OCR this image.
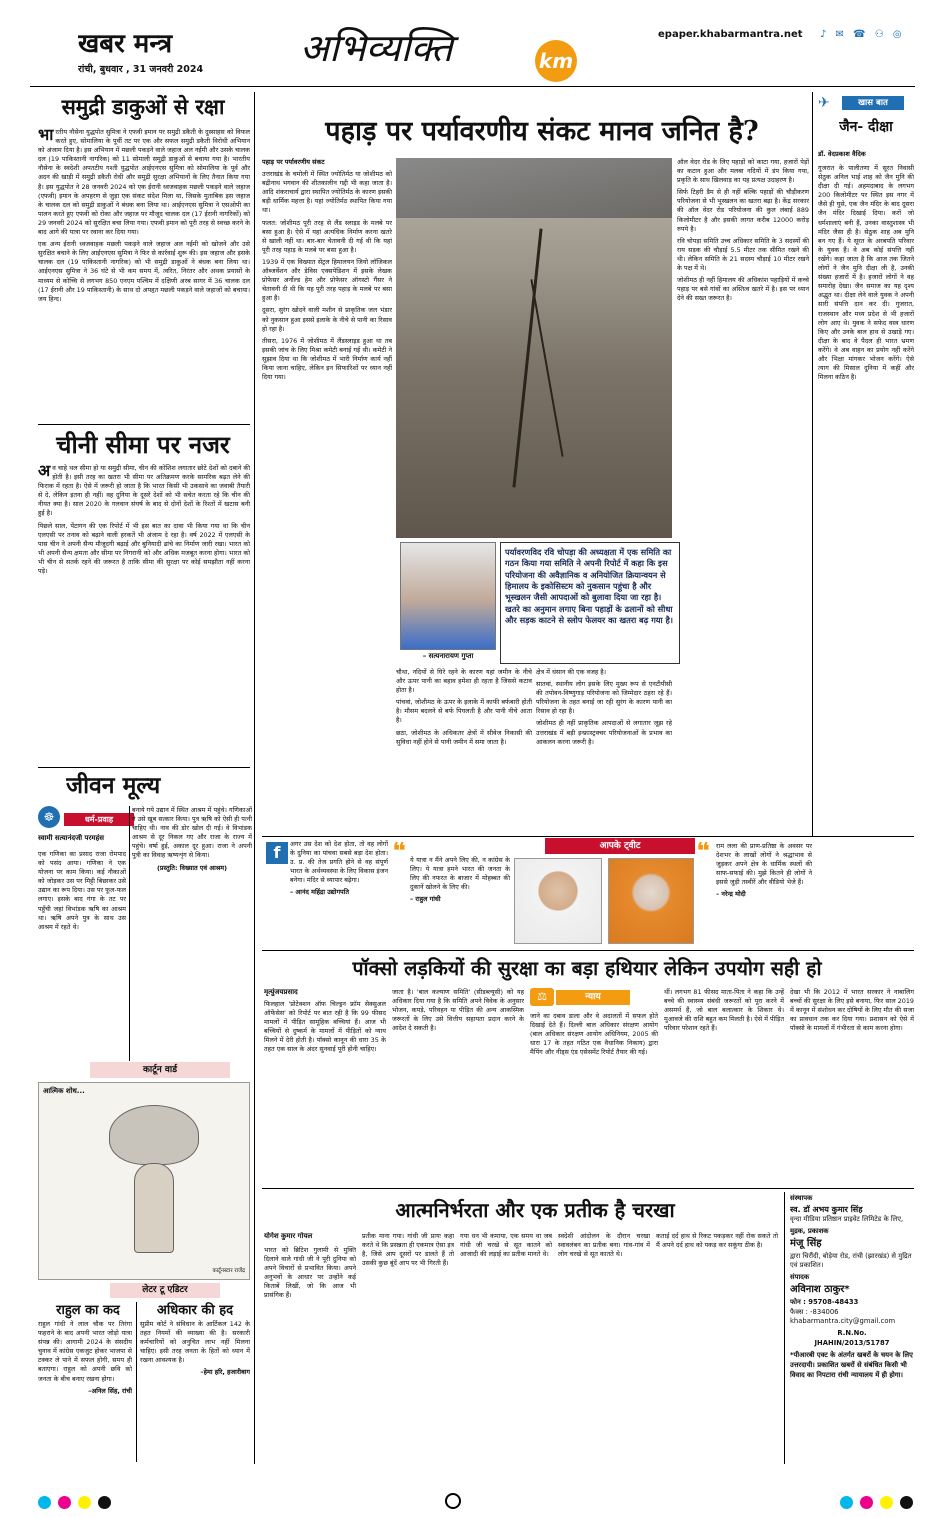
खबर मन्त्र
रांची, बुधवार , 31 जनवरी 2024	अभिव्यक्ति	km
epaper.khabarmantra.net	♪ ✉ ☎ ⚇ ◎
समुद्री डाकुओं से रक्षा

भारतीय नौसेना युद्धपोत सुमित्रा ने एफवी इमान पर समुद्री डकैती के दुस्साहस को विफल करते हुए, सोमालिया के पूर्वी तट पर एक और सफल समुद्री डकैती विरोधी अभियान को अंजाम दिया है। इस अभियान में मछली पकड़ने वाले जहाज अल नईमी और उसके चालक दल (19 पाकिस्तानी नागरिक) को 11 सोमाली समुद्री डाकुओं से बचाया गया है। भारतीय नौसेना के स्वदेशी अपतटीय गश्ती युद्धपोत आईएनएस सुमित्रा को सोमालिया के पूर्व और अदन की खाड़ी में समुद्री डकैती रोधी और समुद्री सुरक्षा अभियानों के लिए तैनात किया गया है। इस युद्धपोत ने 28 जनवरी 2024 को एक ईरानी ध्वजवाहक मछली पकड़ने वाले जहाज (एफवी) इमान के अपहरण से जुड़ा एक संकट संदेश मिला था, जिसके मुताबिक इस जहाज के चालक दल को समुद्री डाकुओं ने बंधक बना लिया था। आईएनएस सुमित्रा ने एसओपी का पालन करते हुए एफवी को रोका और जहाज पर मौजूद चालक दल (17 ईरानी नागरिकों) को 29 जनवरी 2024 को सुरक्षित बचा लिया गया। एफवी इमान को पूरी तरह से स्वच्छ करने के बाद आगे की यात्रा पर रवाना कर दिया गया।

एक अन्य ईरानी ध्वजवाहक मछली पकड़ने वाले जहाज अल नईमी को खोजने और उसे सुरक्षित बचाने के लिए आईएनएस सुमित्रा ने फिर से कार्रवाई शुरू की। इस जहाज और इसके चालक दल (19 पाकिस्तानी नागरिक) को भी समुद्री डाकुओं ने बंधक बना लिया था। आईएनएस सुमित्रा ने 36 घंटे से भी कम समय में, त्वरित, निरंतर और अथक प्रयासों के माध्यम से कोच्चि से लगभग 850 एनएम पश्चिम में दक्षिणी अरब सागर में 36 चालक दल (17 ईरानी और 19 पाकिस्तानी) के साथ दो अपहृत मछली पकड़ने वाले जहाजों को बचाया। जय हिन्द।

चीनी सीमा पर नजर

अव चाहे थल सीमा हो या समुद्री सीमा, चीन की कोशिश लगातार छोटे देशों को दबाने की होती है। इसी तरह का खतरा भी सीमा पर अतिक्रमण करके सामरिक बढ़त लेने की फिराक में रहता है। ऐसे में जरूरी हो जाता है कि भारत किसी भी उकसावे का जवाबी तैयारी से दे, लेकिन इतना ही नहीं। वह दुनिया के दूसरे देशों को भी सचेत करता रहे कि चीन की नीयत क्या है। साल 2020 के गलवान संघर्ष के बाद से दोनों देशों के रिश्तों में खटास बनी हुई है।

पिछले साल, पेंटागन की एक रिपोर्ट में भी इस बात का दावा भी किया गया था कि चीन एलएसी पर तनाव को बढ़ाने वाली हरकतें भी अंजाम दे रहा है। वर्ष 2022 में एलएसी के पास चीन ने अपनी सैन्य मौजूदगी बढ़ाई और बुनियादी ढांचे का निर्माण जारी रखा। भारत को भी अपनी सैन्य क्षमता और सीमा पर निगरानी को और अधिक मजबूत करना होगा। भारत को भी चीन से सतर्क रहने की जरूरत है ताकि सीमा की सुरक्षा पर कोई समझौता नहीं करना पड़े।

जीवन मूल्य
☸	धर्म-प्रवाह
स्वामी सत्यानंदजी परमहंस

एक गणिका का प्रसाद राजा रोमपाद को पसंद आया। गणिका ने एक योजना पर काम किया। कई नौकाओं को जोड़कर उस पर मिट्टी बिछाकर उसे उद्यान का रूप दिया। उस पर फूल-फल लगाए। इसके बाद गंगा के तट पर पहुँची जहां विभांडक ऋषि का आश्रम था। ऋषि अपने पुत्र के साथ उस आश्रम में रहते थे।

बनाये गये उद्यान में स्थित आश्रम में पहुंचे। गणिकाओं ने उसे खूब सत्कार किया। पुत्र ऋषि को ऐसी ही पत्नी चाहिए थी। नाव की डोर खोल दी गई। वे विभांडक आश्रम से दूर निकल गए और राजा के राज्य में पहुंचे। वर्षा हुई, अकाल दूर हुआ। राजा ने अपनी पुत्री का विवाह ऋष्यशृंग से किया।

(प्रस्तुति: विख्यात एवं आश्रम)

कार्टून वार्ड
आत्मिक शोध...
कार्टूनस्टार राजेंद्र
लेटर टू एडिटर
राहुल का कद

राहुल गांधी ने लाल चौक पर तिरंगा फहराने के बाद अपनी भारत जोड़ो यात्रा संपन्न की। आगामी 2024 के संसदीय चुनाव में कांग्रेस एकजुट होकर भाजपा से टक्कर ले पाने में सफल होगी, समय ही बताएगा। राहुल को अपनी छवि को जनता के बीच बनाए रखना होगा।

–अनिल सिंह, रांची

अधिकार की हद

सुप्रीम कोर्ट ने संविधान के आर्टिकल 142 के तहत नियमों की व्याख्या की है। सरकारी कर्मचारियों को अनुचित लाभ नहीं मिलना चाहिए। इसी तरह जनता के हितों को ध्यान में रखना आवश्यक है।

–हेमा हरि, हजारीबाग

पहाड़ पर पर्यावरणीय संकट मानव जनित है?

पहाड़ पर पर्यावरणीय संकट

उत्तराखंड के चमोली में स्थित ज्योतिर्मठ या जोशीमठ को बद्रीनाथ भगवान की शीतकालीन गद्दी भी कहा जाता है। आदि शंकराचार्य द्वारा स्थापित ज्योतिर्मठ के कारण इसकी बड़ी धार्मिक महत्ता है। यहां ज्योतिर्मठ स्थापित किया गया था।

फलत: जोशीमठ पूरी तरह से लैंड स्लाइड के मलबे पर बसा हुआ है। ऐसे में यहां अत्यधिक निर्माण करना खतरे से खाली नहीं था। बार-बार चेतावनी दी गई थी कि यहां पूरी तरह पहाड़ के मलबे पर बसा हुआ है।

1939 में एक विख्यात सेंट्रल हिमालयन जियो लॉजिकल ऑब्जर्वेशन और डेविस एक्सपेडिशन में इसके लेखक प्रोफेसर अर्नोल्ड हेम और प्रोफेसर ऑगस्टो गैंसर ने चेतावनी दी थी कि यह पूरी तरह पहाड़ के मलबे पर बसा हुआ है।

दूसरा, सुरंग खोदने वाली मशीन से प्राकृतिक जल भंडार को नुकसान हुआ इससे इलाके के नीचे से पानी का रिसाव हो रहा है।

तीसरा, 1976 में जोशीमठ में लैंडस्लाइड हुआ था तब इसकी जांच के लिए मिश्रा कमेटी बनाई गई थी। कमेटी ने सुझाव दिया था कि जोशीमठ में भारी निर्माण कार्य नहीं किया जाना चाहिए, लेकिन इन सिफारिशों पर ध्यान नहीं दिया गया।

– सत्यनारायण गुप्ता
पर्यावरणविद रवि चोपड़ा की अध्यक्षता में एक समिति का गठन किया गया समिति ने अपनी रिपोर्ट में कहा कि इस परियोजना की अवैज्ञानिक व अनियोजित क्रियान्वयन से हिमालय के इकोसिस्टम को नुकसान पहुंचा है और भूस्खलन जैसी आपदाओं को बुलावा दिया जा रहा है। खतरे का अनुमान लगाए बिना पहाड़ों के ढलानों को सीधा और सड़क काटने से स्लोप फेलयर का खतरा बढ़ गया है।

चौथा, नदियों से घिरे रहने के कारण यहां जमीन के नीचे और ऊपर पानी का बहाव हमेशा ही रहता है जिससे कटाव होता है।

पांचवां, जोशीमठ के ऊपर के इलाके में काफी बर्फबारी होती है। मौसम बदलने से बर्फ पिघलती है और पानी नीचे आता है।

छठा, जोशीमठ के अधिकतर क्षेत्रों में सीवेज निकासी की सुविधा नहीं होने से पानी जमीन में समा जाता है।

क्षेत्र में धंसान की एक वजह है।

सातवां, स्थानीय लोग इसके लिए मुख्य रूप से एनटीपीसी की तपोवन-विष्णुगाड़ परियोजना को जिम्मेदार ठहरा रहे हैं। परियोजना के तहत बनाई जा रही सुरंग के कारण पानी का रिसाव हो रहा है।

जोशीमठ ही नहीं प्राकृतिक आपदाओं से लगातार जूझ रहे उत्तराखंड में बड़ी इन्फ्रास्ट्रक्चर परियोजनाओं के प्रभाव का आकलन करना जरूरी है।

ऑल वेदर रोड के लिए पहाड़ों को काटा गया, हजारों पेड़ों का कटान हुआ और मलबा नदियों में डंप किया गया, प्रकृति के साथ खिलवाड़ का यह प्रत्यक्ष उदाहरण है।

सिर्फ टिहरी डैम से ही नहीं बल्कि पहाड़ों की चौड़ीकरण परियोजना से भी भूस्खलन का खतरा बढ़ा है। केंद्र सरकार की ऑल वेदर रोड परियोजना की कुल लंबाई 889 किलोमीटर है और इसकी लागत करीब 12000 करोड़ रुपये है।

रवि चोपड़ा समिति उच्च अधिकार समिति के 3 सदस्यों की राय सड़क की चौड़ाई 5.5 मीटर तक सीमित रखने की थी। लेकिन समिति के 21 सदस्य चौड़ाई 10 मीटर रखने के पक्ष में थे।

जोशीमठ ही नहीं हिमालय की अधिकांश पहाड़ियों में कच्चे पहाड़ पर बसे गांवों का अस्तित्व खतरे में है। इस पर ध्यान देने की सख्त जरूरत है।

✈	खास बात
जैन- दीक्षा
डॉ. वेदप्रकाश वैदिक

गुजरात के पालीतणा में सूरत निवासी सेठुक अनिल भाई शाह को जैन मुनि की दीक्षा दी गई। अहमदाबाद के लगभग 200 किलोमीटर पर स्थित इस नगर में जैसे ही घुसे, एक जैन मंदिर के बाद दूसरा जैन मंदिर दिखाई दिया। करों जो धर्मशालाएं बनी हैं, उनका वास्तुशास्त्र भी मंदिर जैसा ही है। सेठुक शाह अब मुनि बन गए हैं। ये सूरत के अरबपति परिवार के युवक हैं। वे अब कोई संपत्ति नहीं रखेंगे। कहा जाता है कि आज तक जितने लोगों ने जैन मुनि दीक्षा ली है, उनकी संख्या हजारों में है। हजारों लोगों ने वह समारोह देखा। जैन समाज का यह दृश्य अद्भुत था। दीक्षा लेने वाले युवक ने अपनी सारी संपत्ति दान कर दी। गुजरात, राजस्थान और मध्य प्रदेश से भी हजारों लोग आए थे। युवक ने सफेद वस्त्र धारण किए और उनके बाल हाथ से उखाड़े गए। दीक्षा के बाद वे पैदल ही भारत भ्रमण करेंगे। वे अब वाहन का प्रयोग नहीं करेंगे और भिक्षा मांगकर भोजन करेंगे। ऐसे त्याग की मिसाल दुनिया में कहीं और मिलना कठिन है।

आपके ट्वीट
f	अगर उस देश को देश होता, तो वह लोगों के दुनिया का पांचवा सबसे बड़ा देश होता। उ. प्र. की तेज प्रगति होने से वह संपूर्ण भारत के अर्थव्यवस्था के लिए विकास इंजन बनेगा। मंदिर से व्यापार बढ़ेगा।

– आनंद महिंद्रा उद्योगपति

❝ ये यात्रा न मैंने अपने लिए की, न कांग्रेस के लिए। ये यात्रा हमने भारत की जनता के लिए की नफरत के बाजार में मोहब्बत की दुकानें खोलने के लिए की।

– राहुल गांधी

❝ राम लला की प्राण-प्रतिष्ठा के अवसर पर देशभर के लाखों लोगों ने श्रद्धाभाव से जुड़कर अपने क्षेत्र के धार्मिक स्थलों की साफ-सफाई की। मुझे कितने ही लोगों ने इससे जुड़ी तस्वीरें और वीडियो भेजे हैं।

– नरेन्द्र मोदी

पॉक्सो लड़कियों की सुरक्षा का बड़ा हथियार लेकिन उपयोग सही हो
मृत्युंजयप्रसाद

फिलहाल 'प्रोटेक्शन ऑफ चिल्ड्रन फ्रॉम सेक्सुअल ऑफेंसेस' को रिपोर्ट पर बात रही है कि 99 फीसद मामलों में पीड़ित सामूहिक बच्चियां हैं। आज भी बच्चियों से दुष्कर्म के मामलों में पीड़ितों को न्याय मिलने में देरी होती है। पॉक्सो कानून की धारा 35 के तहत एक साल के अंदर सुनवाई पूरी होनी चाहिए।

जाता है। 'बाल कल्याण समिति' (सीडब्ल्यूसी) को यह अधिकार दिया गया है कि समिति अपने विवेक के अनुसार भोजन, कपड़े, परिवहन या पीड़ित की अन्य आकस्मिक जरूरतों के लिए उसे वित्तीय सहायता प्रदान करने के आदेश दे सकती है।

⚖	न्याय

जाने का दबाव डाला और वे अदालतों में सफल होते दिखाई देते हैं। दिल्ली बाल अधिकार संरक्षण आयोग (बाल अधिकार संरक्षण आयोग अधिनियम, 2005 की धारा 17 के तहत गठित एक वैधानिक निकाय) द्वारा मैपिंग और नीड्स एंड एसेसमेंट रिपोर्ट तैयार की गई।

थीं। लगभग 81 फीसद माता-पिता ने कहा कि उन्हें बच्चे की स्वास्थ्य संबंधी जरूरतों को पूरा करने में असमर्थ हैं, जो बाल बलात्कार के शिकार थे। मुआवजे की राशि बहुत कम मिलती है। ऐसे में पीड़ित परिवार परेशान रहते हैं।

देखा भी कि 2012 में भारत सरकार ने नाबालिग बच्चों की सुरक्षा के लिए इसे बनाया, फिर साल 2019 में कानून में संशोधन कर दोषियों के लिए मौत की सजा का प्रावधान तक कर दिया गया। प्रशासन को ऐसे में पॉक्सो के मामलों में गंभीरता से काम करना होगा।

आत्मनिर्भरता और एक प्रतीक है चरखा
योगेश कुमार गोयल

भारत को ब्रिटिश गुलामी से मुक्ति दिलाने वाले गांधी जी ने पूरी दुनिया को अपने विचारों से प्रभावित किया। अपने अनुभवों के आधार पर उन्होंने कई किताबें लिखीं, जो कि आज भी प्रासंगिक हैं।

प्रतीक माना गया। गांधी जी प्रायः कहा करते थे कि प्रसन्नता ही एकमात्र ऐसा इत्र है, जिसे आप दूसरों पर डालते हैं तो उसकी कुछ बूंदें आप पर भी गिरती हैं।

गया धन भी कमाया, एक समय था जब गांधी जी चरखे से सूत कातने को आजादी की लड़ाई का प्रतीक मानते थे।

स्वदेशी आंदोलन के दौरान चरखा स्वावलंबन का प्रतीक बना। गांव-गांव में लोग चरखे से सूत कातते थे।

कताई दर्द हाथ से रिकट पकड़कर नहीं रोक सकते तो मैं अपने दर्द हाथ को पकड़ कर सकूंगा ठीक है।

संस्थापक
स्व. डॉ अभय कुमार सिंह
वृन्दा मीडिया प्रतिष्ठान प्राइवेट लिमिटेड के लिए,
मुद्रक, प्रकाशक
मंजू सिंह
द्वारा चिरौंदी, बोड़ेया रोड, रांची (झारखंड) से मुद्रित एवं प्रकाशित।
संपादक
अविनाश ठाकुर*
फोन : 95708-48433
फैक्स : -834006
khabarmantra.city@gmail.com
R.N.No.
JHAHIN/2013/51787
*पीआरबी एक्ट के अंतर्गत खबरों के चयन के लिए उत्तरदायी। प्रकाशित खबरों से संबंधित किसी भी विवाद का निपटारा रांची न्यायालय में ही होगा।
